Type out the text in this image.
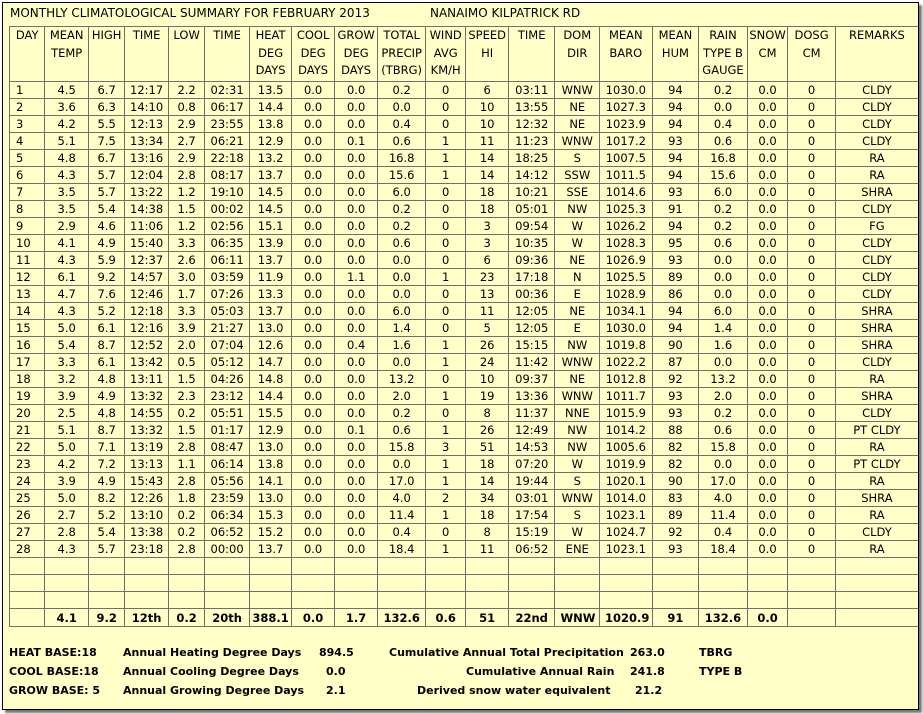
MONTHLY CLIMATOLOGICAL SUMMARY FOR FEBRUARY 2013	NANAIMO KILPATRICK RD
DAY	MEAN TEMP	HIGH	TIME	LOW	TIME	HEAT DEG DAYS	COOL DEG DAYS	GROW DEG DAYS	TOTAL PRECIP (TBRG)	WIND AVG KM/H	SPEED HI	TIME	DOM DIR	MEAN BARO	MEAN HUM	RAIN TYPE B GAUGE	SNOW CM	DOSG CM	REMARKS
1	4.5	6.7	12:17	2.2	02:31	13.5	0.0	0.0	0.2	0	6	03:11	WNW	1030.0	94	0.2	0.0	0	CLDY
2	3.6	6.3	14:10	0.8	06:17	14.4	0.0	0.0	0.0	0	10	13:55	NE	1027.3	94	0.0	0.0	0	CLDY
3	4.2	5.5	12:13	2.9	23:55	13.8	0.0	0.0	0.4	0	10	12:32	NE	1023.9	94	0.4	0.0	0	CLDY
4	5.1	7.5	13:34	2.7	06:21	12.9	0.0	0.1	0.6	1	11	11:23	WNW	1017.2	93	0.6	0.0	0	CLDY
5	4.8	6.7	13:16	2.9	22:18	13.2	0.0	0.0	16.8	1	14	18:25	S	1007.5	94	16.8	0.0	0	RA
6	4.3	5.7	12:04	2.8	08:17	13.7	0.0	0.0	15.6	1	14	14:12	SSW	1011.5	94	15.6	0.0	0	RA
7	3.5	5.7	13:22	1.2	19:10	14.5	0.0	0.0	6.0	0	18	10:21	SSE	1014.6	93	6.0	0.0	0	SHRA
8	3.5	5.4	14:38	1.5	00:02	14.5	0.0	0.0	0.2	0	18	05:01	NW	1025.3	91	0.2	0.0	0	CLDY
9	2.9	4.6	11:06	1.2	02:56	15.1	0.0	0.0	0.2	0	3	09:54	W	1026.2	94	0.2	0.0	0	FG
10	4.1	4.9	15:40	3.3	06:35	13.9	0.0	0.0	0.6	0	3	10:35	W	1028.3	95	0.6	0.0	0	CLDY
11	4.3	5.9	12:37	2.6	06:11	13.7	0.0	0.0	0.0	0	6	09:36	NE	1026.9	93	0.0	0.0	0	CLDY
12	6.1	9.2	14:57	3.0	03:59	11.9	0.0	1.1	0.0	1	23	17:18	N	1025.5	89	0.0	0.0	0	CLDY
13	4.7	7.6	12:46	1.7	07:26	13.3	0.0	0.0	0.0	0	13	00:36	E	1028.9	86	0.0	0.0	0	CLDY
14	4.3	5.2	12:18	3.3	05:03	13.7	0.0	0.0	6.0	0	11	12:05	NE	1034.1	94	6.0	0.0	0	SHRA
15	5.0	6.1	12:16	3.9	21:27	13.0	0.0	0.0	1.4	0	5	12:05	E	1030.0	94	1.4	0.0	0	SHRA
16	5.4	8.7	12:52	2.0	07:04	12.6	0.0	0.4	1.6	1	26	15:15	NW	1019.8	90	1.6	0.0	0	SHRA
17	3.3	6.1	13:42	0.5	05:12	14.7	0.0	0.0	0.0	1	24	11:42	WNW	1022.2	87	0.0	0.0	0	CLDY
18	3.2	4.8	13:11	1.5	04:26	14.8	0.0	0.0	13.2	0	10	09:37	NE	1012.8	92	13.2	0.0	0	RA
19	3.9	4.9	13:32	2.3	23:12	14.4	0.0	0.0	2.0	1	19	13:36	WNW	1011.7	93	2.0	0.0	0	SHRA
20	2.5	4.8	14:55	0.2	05:51	15.5	0.0	0.0	0.2	0	8	11:37	NNE	1015.9	93	0.2	0.0	0	CLDY
21	5.1	8.7	13:32	1.5	01:17	12.9	0.0	0.1	0.6	1	26	12:49	NW	1014.2	88	0.6	0.0	0	PT CLDY
22	5.0	7.1	13:19	2.8	08:47	13.0	0.0	0.0	15.8	3	51	14:53	NW	1005.6	82	15.8	0.0	0	RA
23	4.2	7.2	13:13	1.1	06:14	13.8	0.0	0.0	0.0	1	18	07:20	W	1019.9	82	0.0	0.0	0	PT CLDY
24	3.9	4.9	15:43	2.8	05:56	14.1	0.0	0.0	17.0	1	14	19:44	S	1020.1	90	17.0	0.0	0	RA
25	5.0	8.2	12:26	1.8	23:59	13.0	0.0	0.0	4.0	2	34	03:01	WNW	1014.0	83	4.0	0.0	0	SHRA
26	2.7	5.2	13:10	0.2	06:34	15.3	0.0	0.0	11.4	1	18	17:54	S	1023.1	89	11.4	0.0	0	RA
27	2.8	5.4	13:38	0.2	06:52	15.2	0.0	0.0	0.4	0	8	15:19	W	1024.7	92	0.4	0.0	0	CLDY
28	4.3	5.7	23:18	2.8	00:00	13.7	0.0	0.0	18.4	1	11	06:52	ENE	1023.1	93	18.4	0.0	0	RA

	4.1	9.2	12th	0.2	20th	388.1	0.0	1.7	132.6	0.6	51	22nd	WNW	1020.9	91	132.6	0.0		
HEAT BASE:18
COOL BASE:18
GROW BASE: 5
Annual Heating Degree Days 894.5
Annual Cooling Degree Days 0.0
Annual Growing Degree Days 2.1
Cumulative Annual Total Precipitation 263.0	TBRG
Cumulative Annual Rain 241.8	TYPE B
Derived snow water equivalent 21.2
